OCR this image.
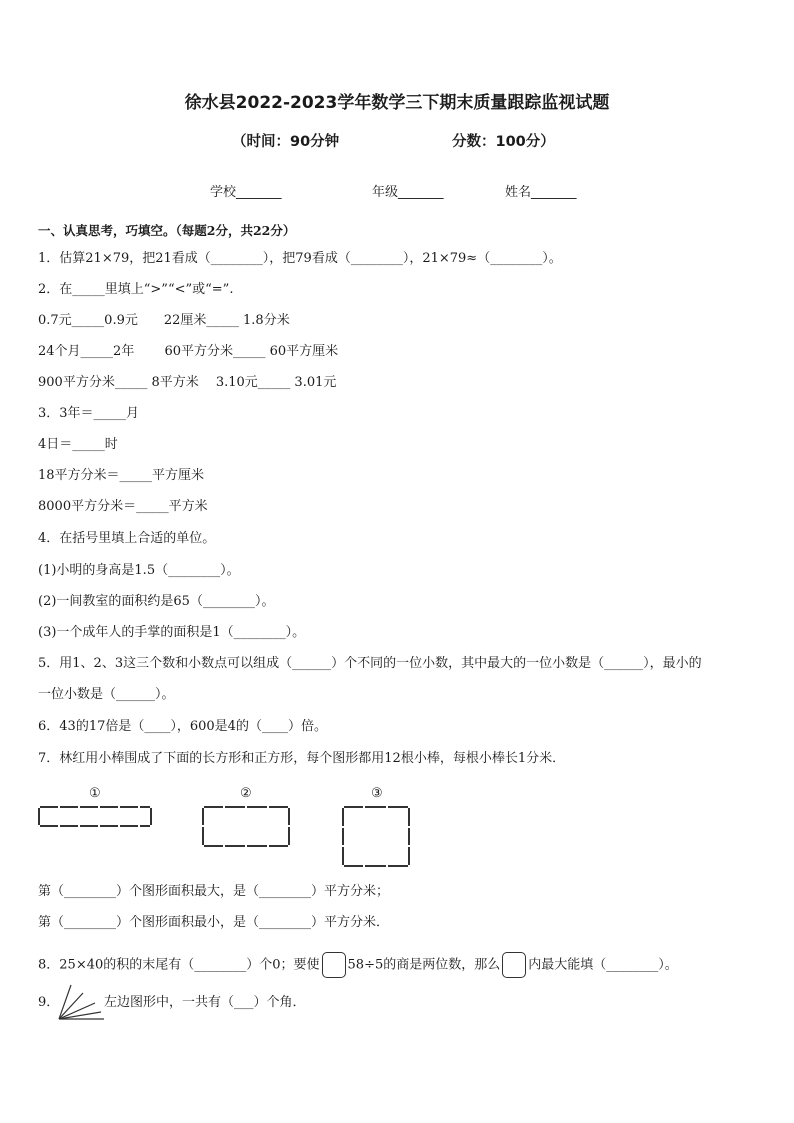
徐水县2022-2023学年数学三下期末质量跟踪监视试题
（时间：90分钟	分数：100分）
学校_______	年级_______	姓名_______
一、认真思考，巧填空。（每题2分，共22分）
1．估算21×79，把21看成（________），把79看成（________），21×79≈（________）。
2．在_____里填上“>”“<”或“=”.
0.7元_____0.9元　　22厘米_____ 1.8分米
24个月_____2年　　 60平方分米_____ 60平方厘米
900平方分米_____ 8平方米　 3.10元_____ 3.01元
3．3年＝_____月
4日＝_____时
18平方分米＝_____平方厘米
8000平方分米＝_____平方米
4．在括号里填上合适的单位。
(1)小明的身高是1.5（________）。
(2)一间教室的面积约是65（________）。
(3)一个成年人的手掌的面积是1（________）。
5．用1、2、3这三个数和小数点可以组成（______）个不同的一位小数，其中最大的一位小数是（______），最小的
一位小数是（______）。
6．43的17倍是（____），600是4的（____）倍。
7．林红用小棒围成了下面的长方形和正方形，每个图形都用12根小棒，每根小棒长1分米．
①	②	③
第（________）个图形面积最大，是（________）平方分米；
第（________）个图形面积最小，是（________）平方分米．
8．25×40的积的末尾有（________）个0；要使 58÷5的商是两位数，那么 内最大能填（________）。
9．	左边图形中，一共有（___）个角．
